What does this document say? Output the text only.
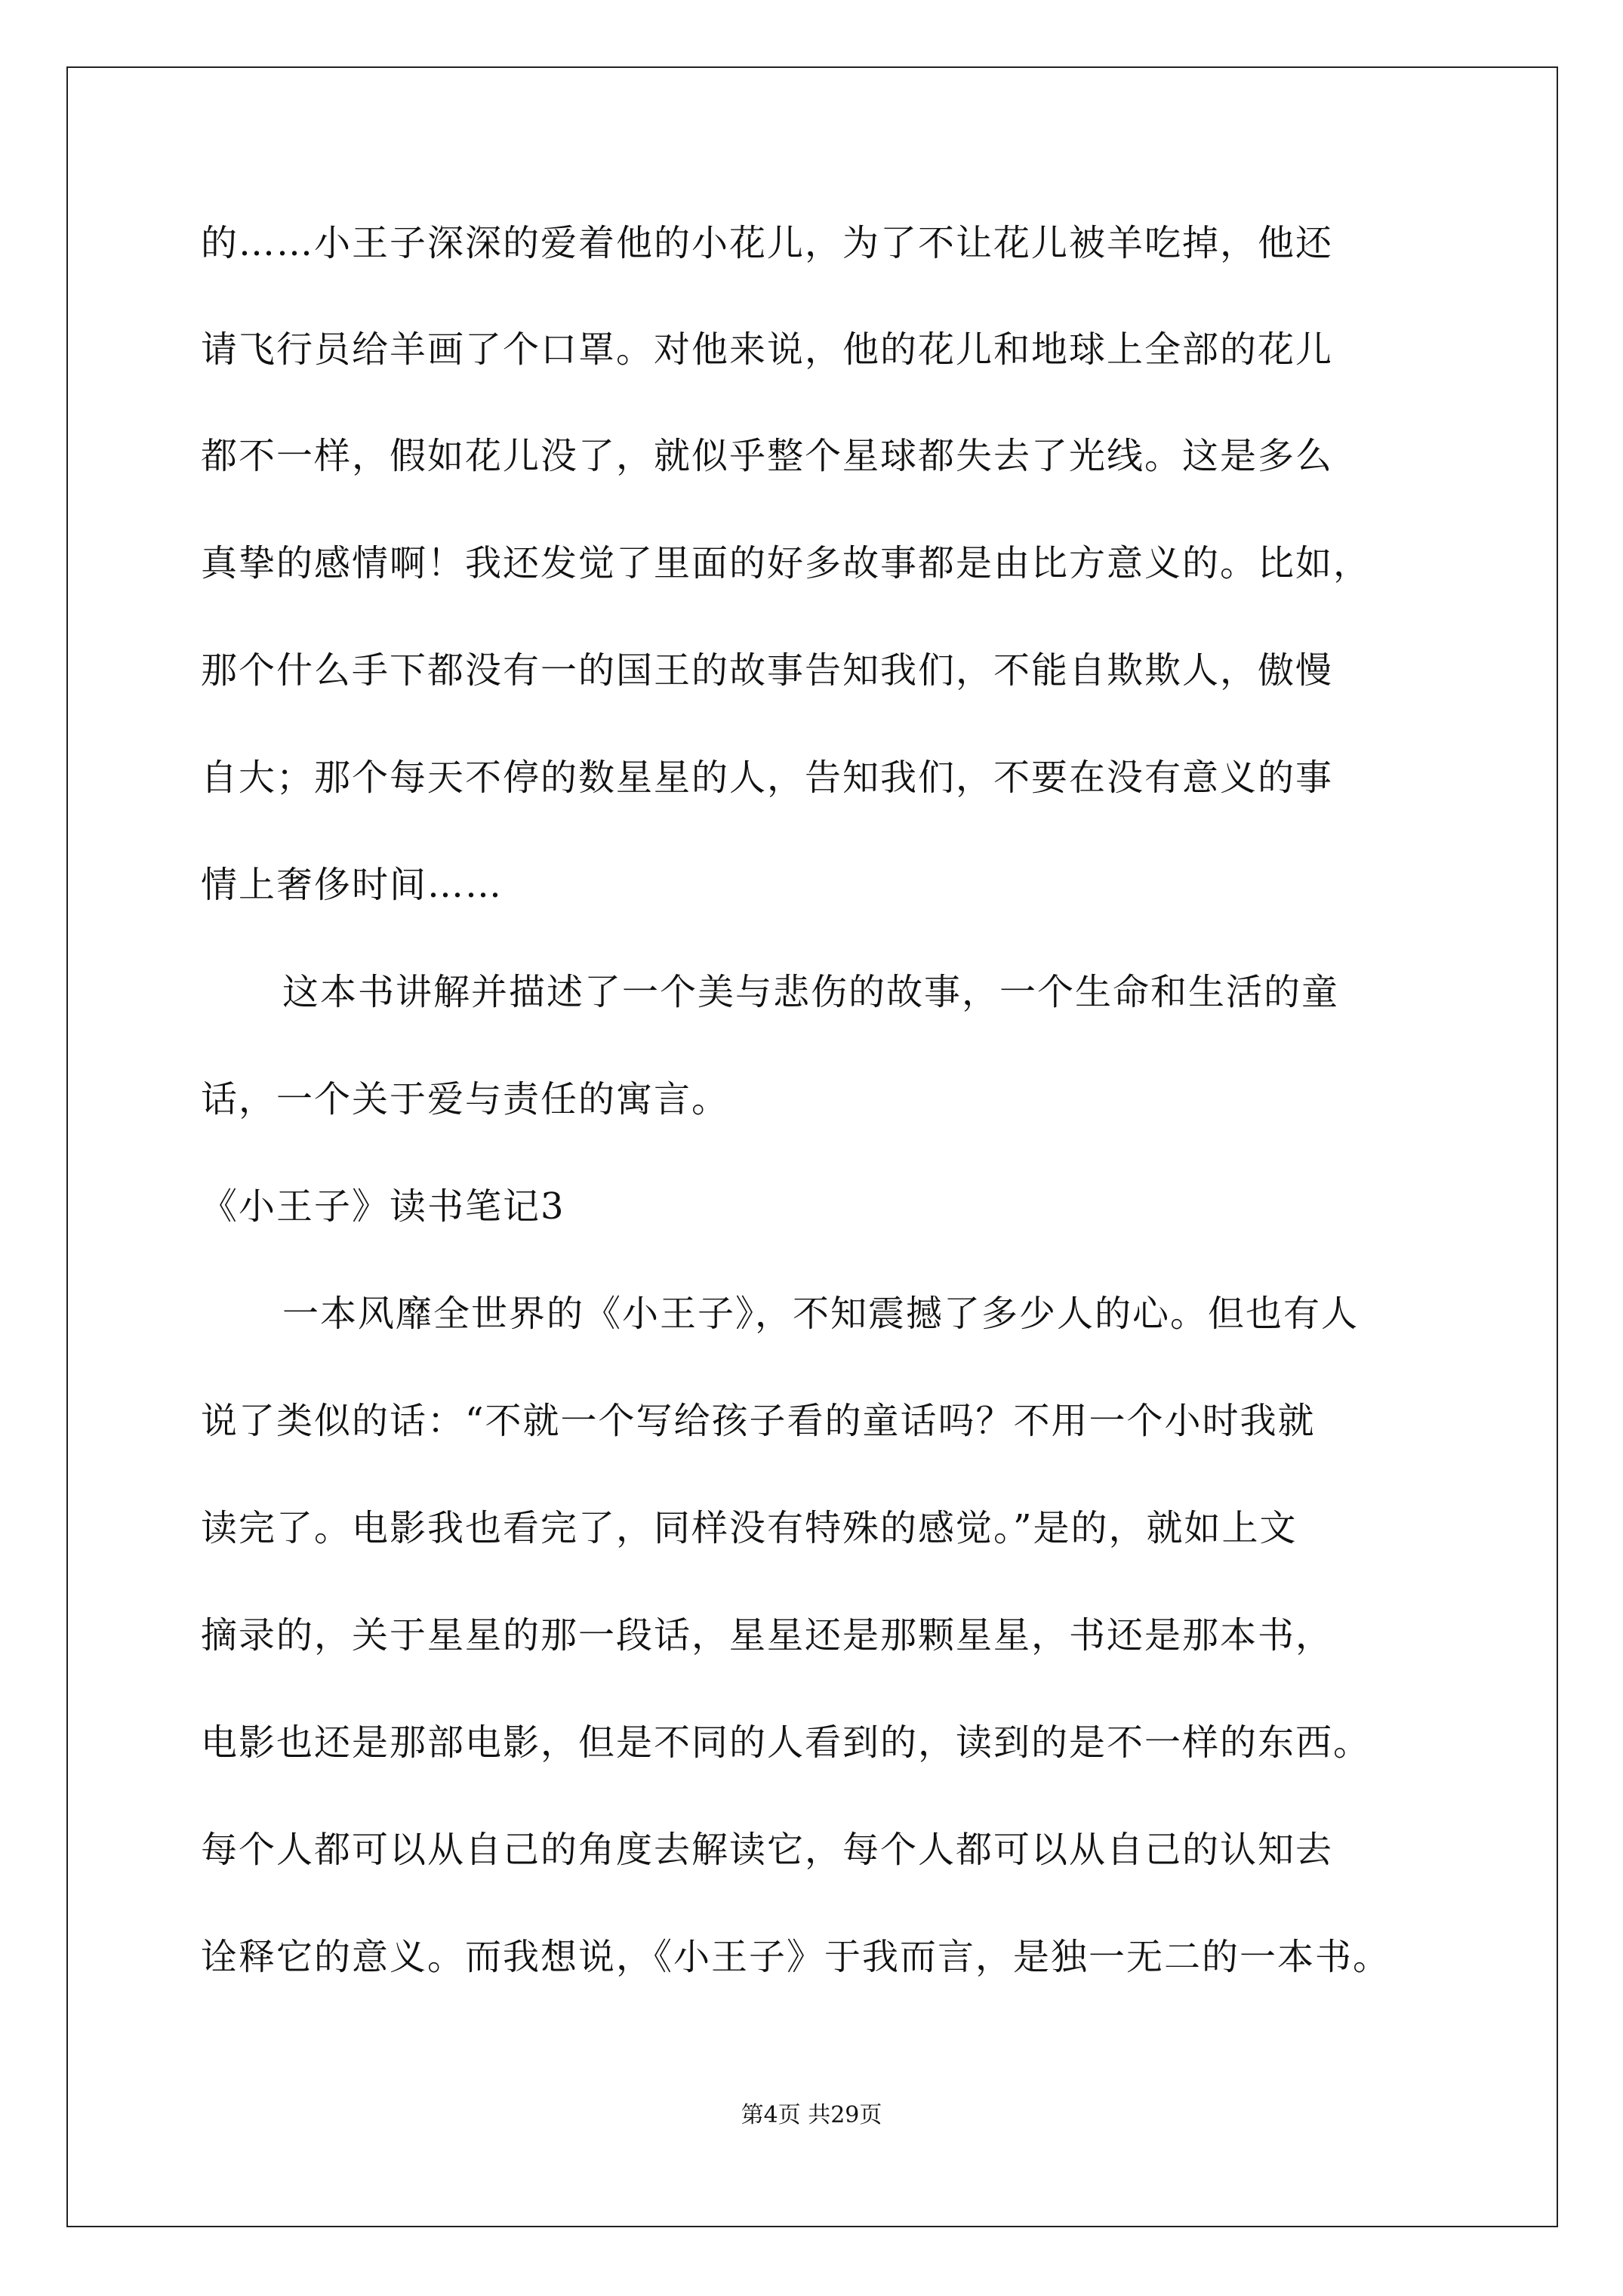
的……小王子深深的爱着他的小花儿，为了不让花儿被羊吃掉，他还

请飞行员给羊画了个口罩。对他来说，他的花儿和地球上全部的花儿

都不一样，假如花儿没了，就似乎整个星球都失去了光线。这是多么

真挚的感情啊！我还发觉了里面的好多故事都是由比方意义的。比如，

那个什么手下都没有一的国王的故事告知我们，不能自欺欺人，傲慢

自大；那个每天不停的数星星的人，告知我们，不要在没有意义的事

情上奢侈时间……

这本书讲解并描述了一个美与悲伤的故事，一个生命和生活的童

话，一个关于爱与责任的寓言。

《小王子》读书笔记3

一本风靡全世界的《小王子》，不知震撼了多少人的心。但也有人

说了类似的话：“不就一个写给孩子看的童话吗？不用一个小时我就

读完了。电影我也看完了，同样没有特殊的感觉。”是的，就如上文

摘录的，关于星星的那一段话，星星还是那颗星星，书还是那本书，

电影也还是那部电影，但是不同的人看到的，读到的是不一样的东西。

每个人都可以从自己的角度去解读它，每个人都可以从自己的认知去

诠释它的意义。而我想说，《小王子》于我而言，是独一无二的一本书。

第4页 共29页
